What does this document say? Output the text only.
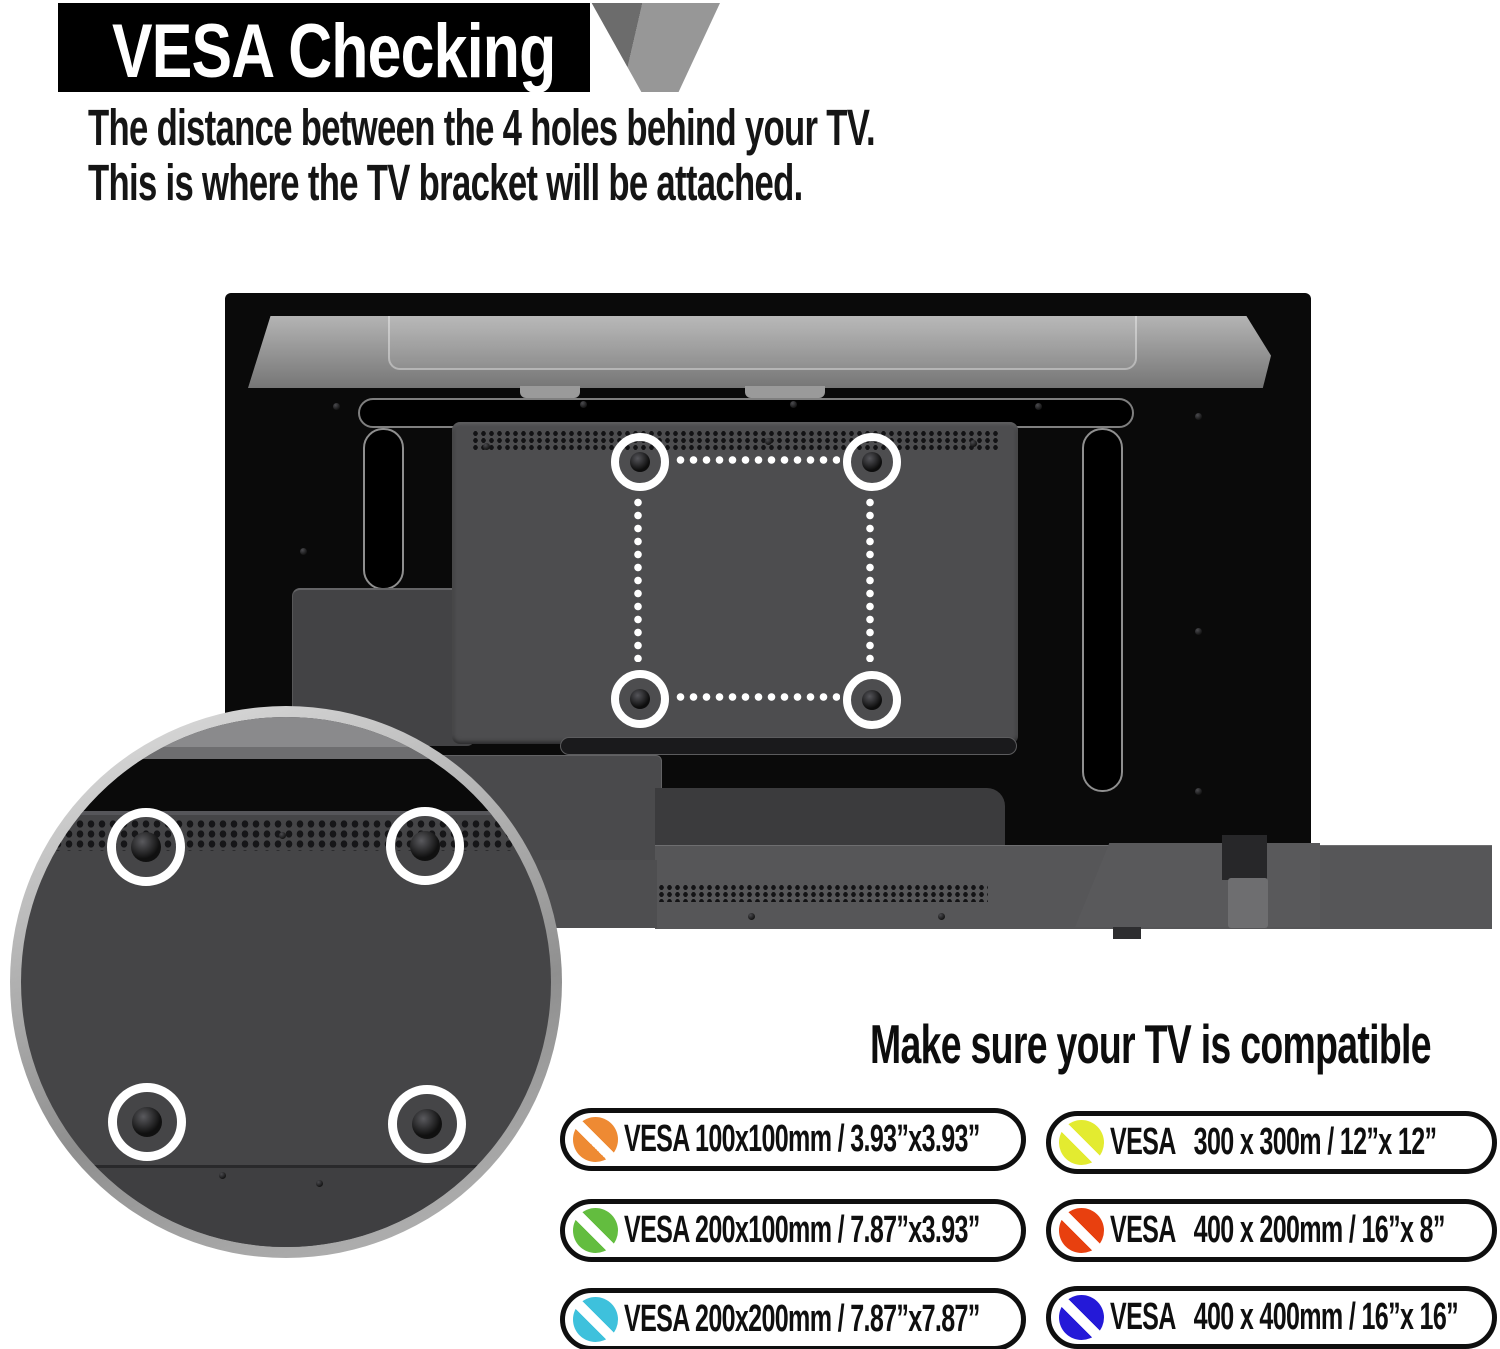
VESA Checking
The distance between the 4 holes behind your TV.
This is where the TV bracket will be attached.
Make sure your TV is compatible
VESA 100x100mm / 3.93”x3.93”
VESA 200x100mm / 7.87”x3.93”
VESA 200x200mm / 7.87”x7.87”
VESA   300 x 300m / 12”x 12”
VESA   400 x 200mm / 16”x 8”
VESA   400 x 400mm / 16”x 16”
